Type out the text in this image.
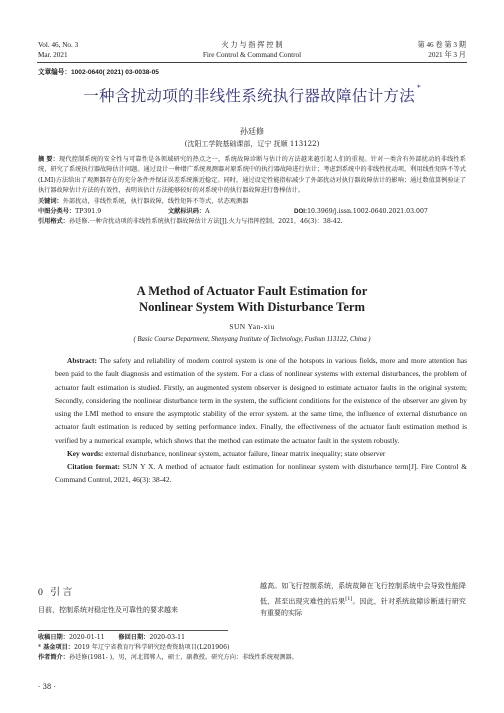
Vol. 46, No. 3
Mar. 2021
火 力 与 指 挥 控 制
Fire Control & Command Control
第 46 卷 第 3 期
2021 年 3 月
文章编号：1002-0640( 2021) 03-0038-05
一种含扰动项的非线性系统执行器故障估计方法 *
孙廷修
(沈阳工学院基础课部，辽宁 抚顺 113122)
摘 要：现代控制系统的安全性与可靠性是各领域研究的热点之一，系统故障诊断与估计的方法越来越引起人们的重视。针对一类含有外部扰动的非线性系统，研究了系统执行器故障估计问题。通过设计一种增广系统观测器对原系统中的执行器故障进行估计；考虑到系统中的非线性扰动项，利用线性矩阵不等式(LMI)方法给出了观测器存在的充分条件并保证误差系统渐近稳定。同时，通过设定性能指标减少了外部扰动对执行器故障估计的影响；通过数值算例验证了执行器故障估计方法的有效性，表明该估计方法能够较好的对系统中的执行器故障进行鲁棒估计。
关键词：外部扰动，非线性系统，执行器故障，线性矩阵不等式，状态观测器
中图分类号：TP391.9	文献标识码：A	DOI:10.3969/j.issn.1002-0640.2021.03.007
引用格式：孙廷修.一种含扰动项的非线性系统执行器故障估计方法[J].火力与指挥控制，2021，46(3)：38-42.
A Method of Actuator Fault Estimation for
Nonlinear System With Disturbance Term
SUN Yan-xiu
( Basic Course Department, Shenyang Institute of Technology, Fushun 113122, China )

Abstract: The safety and reliability of modern control system is one of the hotspots in various fields, more and more attention has been paid to the fault diagnosis and estimation of the system. For a class of nonlinear systems with external disturbances, the problem of actuator fault estimation is studied. Firstly, an augmented system observer is designed to estimate actuator faults in the original system; Secondly, considering the nonlinear disturbance term in the system, the sufficient conditions for the existence of the observer are given by using the LMI method to ensure the asymptotic stability of the error system. at the same time, the influence of external disturbance on actuator fault estimation is reduced by setting performance index. Finally, the effectiveness of the actuator fault estimation method is verified by a numerical example, which shows that the method can estimate the actuator fault in the system robustly.

Key words: external disturbance, nonlinear system, actuator failure, linear matrix inequality; state observer

Citation format: SUN Y X. A method of actuator fault estimation for nonlinear system with disturbance term[J]. Fire Control & Command Control, 2021, 46(3): 38-42.

0 引 言
目前，控制系统对稳定性及可靠性的要求越来
越高。如飞行控制系统，系统故障在飞行控制系统中会导致性能降低，甚至出现灾难性的后果[1]。因此，针对系统故障诊断进行研究有重要的实际
收稿日期：2020-01-11 修回日期：2020-03-11
* 基金项目：2019 年辽宁省教育厅科学研究经费资助项目(L201906)
作者简介：孙廷修(1981- )，男，河北邯郸人，硕士，副教授。研究方向：非线性系统观测器。
· 38 ·
